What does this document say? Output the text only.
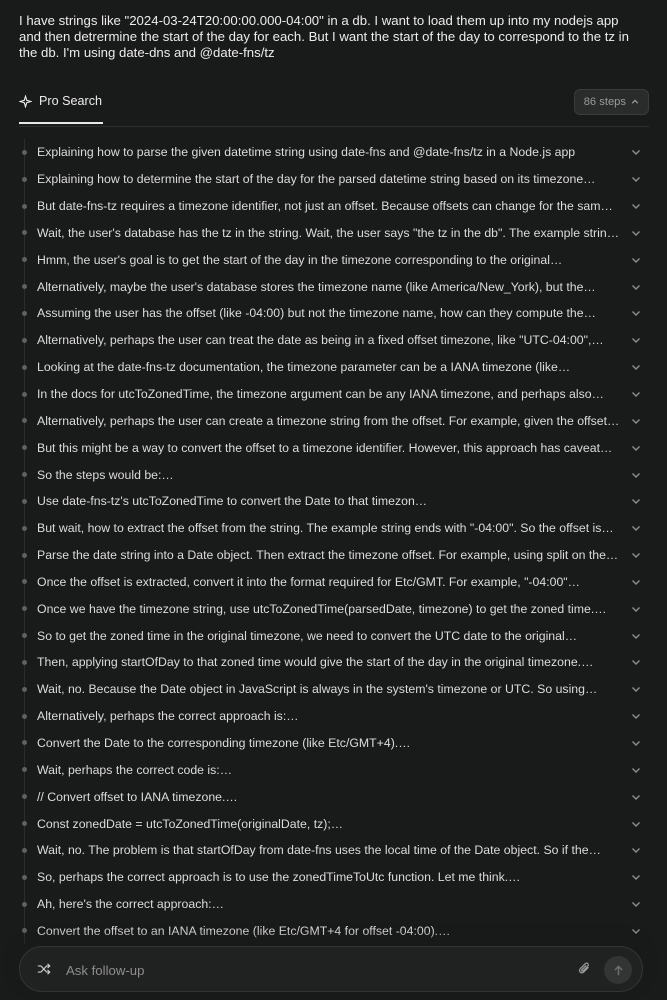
I have strings like "2024-03-24T20:00:00.000-04:00" in a db. I want to load them up into my nodejs app and then detrermine the start of the day for each. But I want the start of the day to correspond to the tz in the db. I'm using date-dns and @date-fns/tz
Pro Search	86 steps
Explaining how to parse the given datetime string using date-fns and @date-fns/tz in a Node.js app
Explaining how to determine the start of the day for the parsed datetime string based on its timezone…
But date-fns-tz requires a timezone identifier, not just an offset. Because offsets can change for the sam…
Wait, the user's database has the tz in the string. Wait, the user says "the tz in the db". The example strin…
Hmm, the user's goal is to get the start of the day in the timezone corresponding to the original…
Alternatively, maybe the user's database stores the timezone name (like America/New_York), but the…
Assuming the user has the offset (like -04:00) but not the timezone name, how can they compute the…
Alternatively, perhaps the user can treat the date as being in a fixed offset timezone, like "UTC-04:00",…
Looking at the date-fns-tz documentation, the timezone parameter can be a IANA timezone (like…
In the docs for utcToZonedTime, the timezone argument can be any IANA timezone, and perhaps also…
Alternatively, perhaps the user can create a timezone string from the offset. For example, given the offset…
But this might be a way to convert the offset to a timezone identifier. However, this approach has caveat…
So the steps would be:…
Use date-fns-tz's utcToZonedTime to convert the Date to that timezon…
But wait, how to extract the offset from the string. The example string ends with "-04:00". So the offset is…
Parse the date string into a Date object. Then extract the timezone offset. For example, using split on the…
Once the offset is extracted, convert it into the format required for Etc/GMT. For example, "-04:00"…
Once we have the timezone string, use utcToZonedTime(parsedDate, timezone) to get the zoned time.…
So to get the zoned time in the original timezone, we need to convert the UTC date to the original…
Then, applying startOfDay to that zoned time would give the start of the day in the original timezone.…
Wait, no. Because the Date object in JavaScript is always in the system's timezone or UTC. So using…
Alternatively, perhaps the correct approach is:…
Convert the Date to the corresponding timezone (like Etc/GMT+4).…
Wait, perhaps the correct code is:…
// Convert offset to IANA timezone.…
Const zonedDate = utcToZonedTime(originalDate, tz);…
Wait, no. The problem is that startOfDay from date-fns uses the local time of the Date object. So if the…
So, perhaps the correct approach is to use the zonedTimeToUtc function. Let me think.…
Ah, here's the correct approach:…
Convert the offset to an IANA timezone (like Etc/GMT+4 for offset -04:00).…
Ask follow-up
